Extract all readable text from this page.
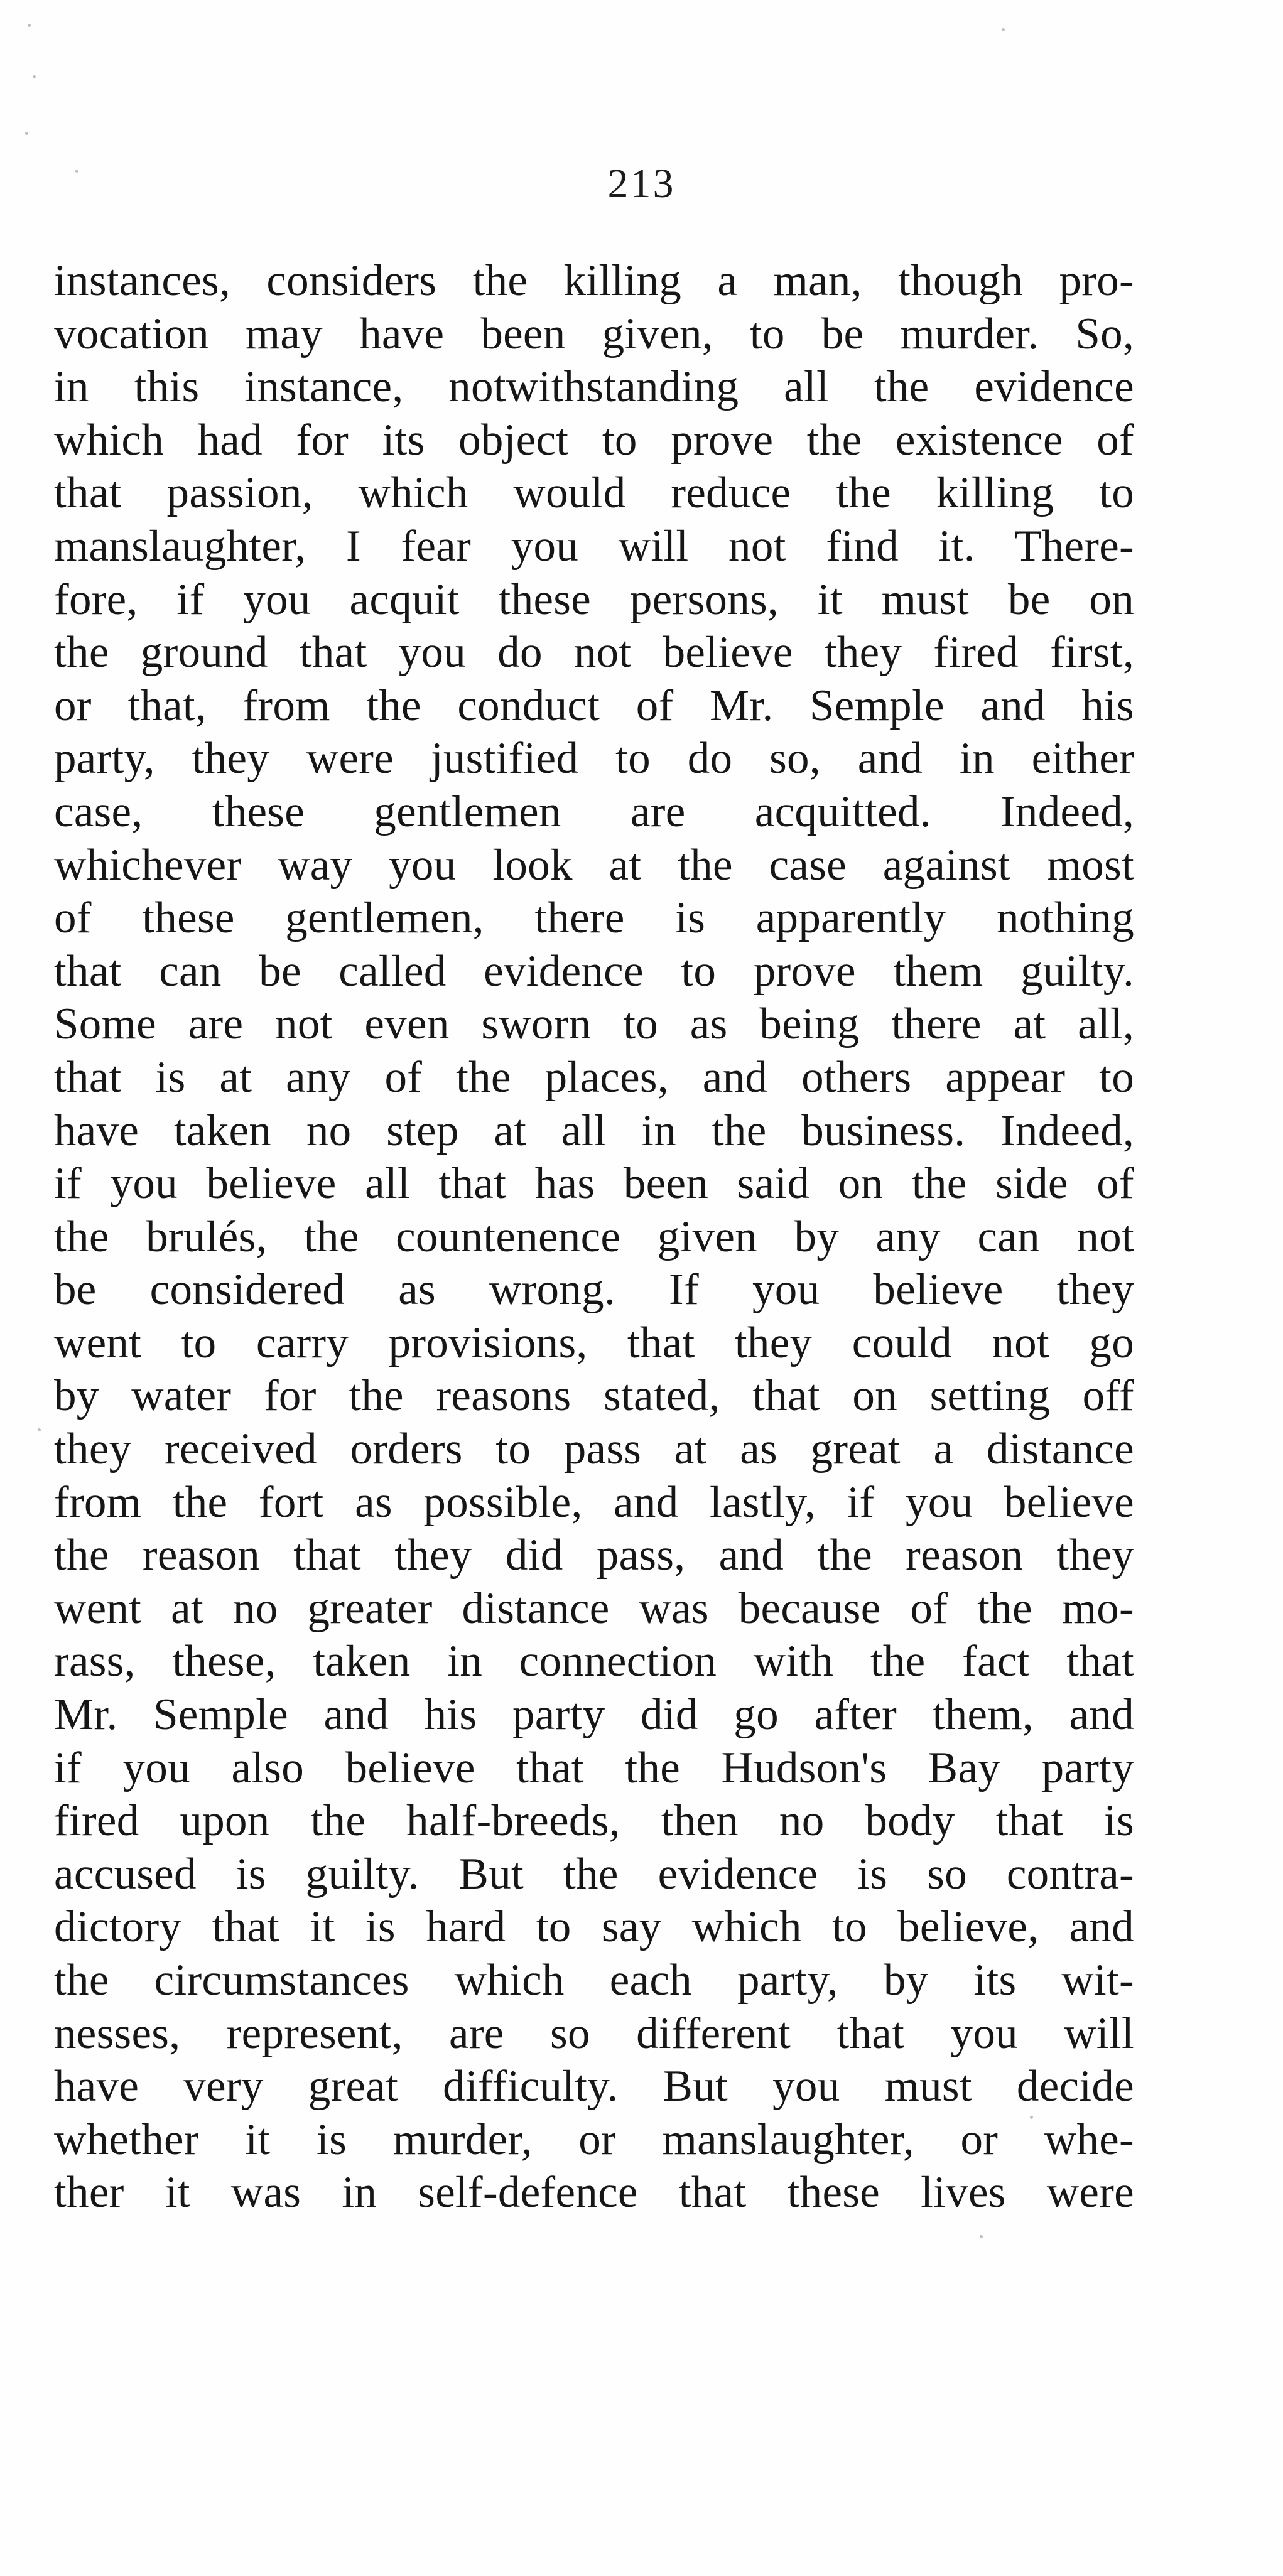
213
instances, considers the killing a man, though pro-
vocation may have been given, to be murder. So,
in this instance, notwithstanding all the evidence
which had for its object to prove the existence of
that passion, which would reduce the killing to
manslaughter, I fear you will not find it. There-
fore, if you acquit these persons, it must be on
the ground that you do not believe they fired first,
or that, from the conduct of Mr. Semple and his
party, they were justified to do so, and in either
case, these gentlemen are acquitted. Indeed,
whichever way you look at the case against most
of these gentlemen, there is apparently nothing
that can be called evidence to prove them guilty.
Some are not even sworn to as being there at all,
that is at any of the places, and others appear to
have taken no step at all in the business. Indeed,
if you believe all that has been said on the side of
the brulés, the countenence given by any can not
be considered as wrong. If you believe they
went to carry provisions, that they could not go
by water for the reasons stated, that on setting off
they received orders to pass at as great a distance
from the fort as possible, and lastly, if you believe
the reason that they did pass, and the reason they
went at no greater distance was because of the mo-
rass, these, taken in connection with the fact that
Mr. Semple and his party did go after them, and
if you also believe that the Hudson's Bay party
fired upon the half-breeds, then no body that is
accused is guilty. But the evidence is so contra-
dictory that it is hard to say which to believe, and
the circumstances which each party, by its wit-
nesses, represent, are so different that you will
have very great difficulty. But you must decide
whether it is murder, or manslaughter, or whe-
ther it was in self-defence that these lives were
